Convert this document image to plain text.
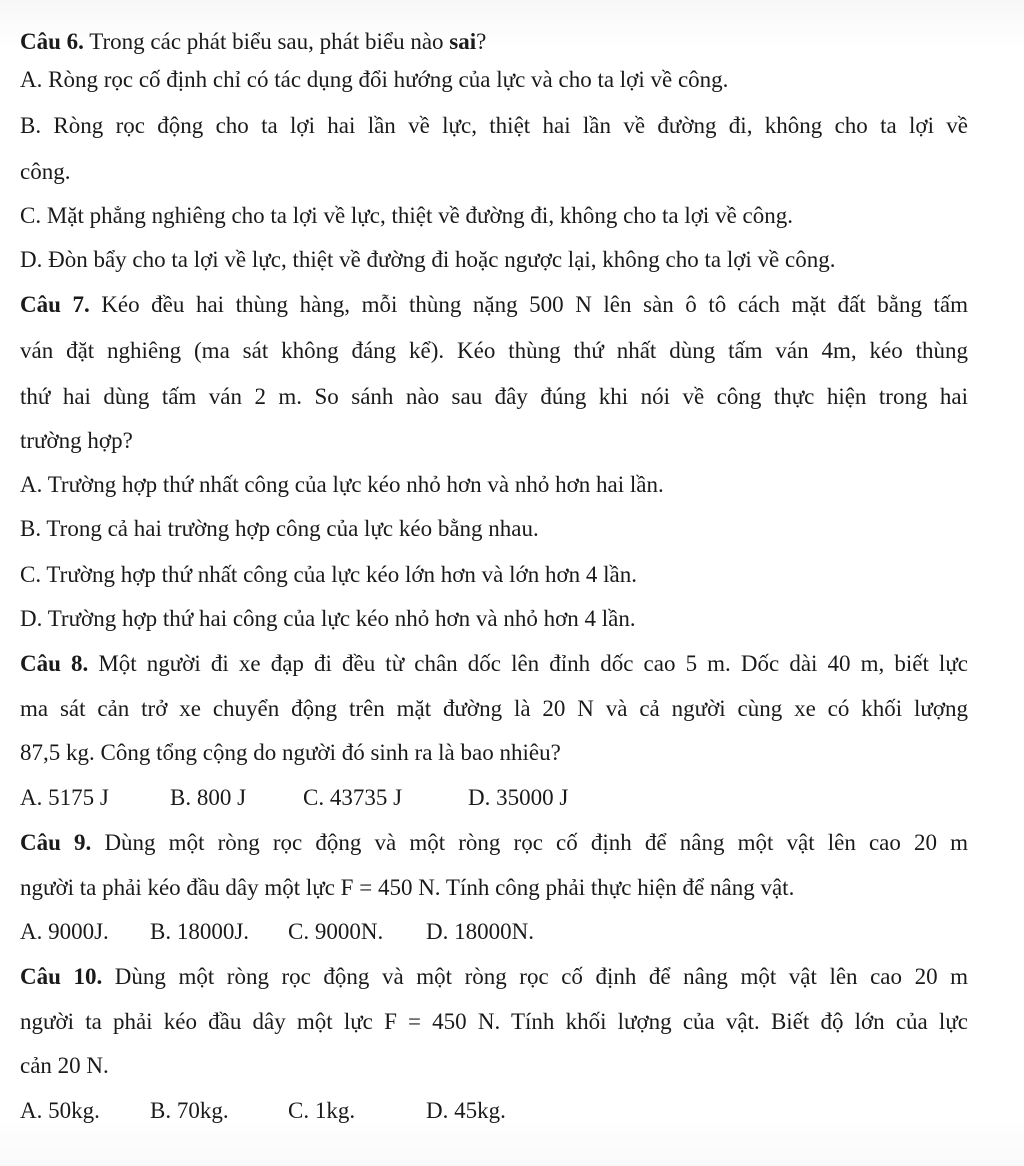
Câu 6. Trong các phát biểu sau, phát biểu nào sai?
A. Ròng rọc cố định chỉ có tác dụng đổi hướng của lực và cho ta lợi về công.
B. Ròng rọc động cho ta lợi hai lần về lực, thiệt hai lần về đường đi, không cho ta lợi về
công.
C. Mặt phẳng nghiêng cho ta lợi về lực, thiệt về đường đi, không cho ta lợi về công.
D. Đòn bẩy cho ta lợi về lực, thiệt về đường đi hoặc ngược lại, không cho ta lợi về công.
Câu 7. Kéo đều hai thùng hàng, mỗi thùng nặng 500 N lên sàn ô tô cách mặt đất bằng tấm
ván đặt nghiêng (ma sát không đáng kể). Kéo thùng thứ nhất dùng tấm ván 4m, kéo thùng
thứ hai dùng tấm ván 2 m. So sánh nào sau đây đúng khi nói về công thực hiện trong hai
trường hợp?
A. Trường hợp thứ nhất công của lực kéo nhỏ hơn và nhỏ hơn hai lần.
B. Trong cả hai trường hợp công của lực kéo bằng nhau.
C. Trường hợp thứ nhất công của lực kéo lớn hơn và lớn hơn 4 lần.
D. Trường hợp thứ hai công của lực kéo nhỏ hơn và nhỏ hơn 4 lần.
Câu 8. Một người đi xe đạp đi đều từ chân dốc lên đỉnh dốc cao 5 m. Dốc dài 40 m, biết lực
ma sát cản trở xe chuyển động trên mặt đường là 20 N và cả người cùng xe có khối lượng
87,5 kg. Công tổng cộng do người đó sinh ra là bao nhiêu?
A. 5175 J	B. 800 J C. 43735 J	D. 35000 J
Câu 9. Dùng một ròng rọc động và một ròng rọc cố định để nâng một vật lên cao 20 m
người ta phải kéo đầu dây một lực F = 450 N. Tính công phải thực hiện để nâng vật.
A. 9000J. B. 18000J. C. 9000N. D. 18000N.
Câu 10. Dùng một ròng rọc động và một ròng rọc cố định để nâng một vật lên cao 20 m
người ta phải kéo đầu dây một lực F = 450 N. Tính khối lượng của vật. Biết độ lớn của lực
cản 20 N.
A. 50kg. B. 70kg.	C. 1kg.	D. 45kg.
